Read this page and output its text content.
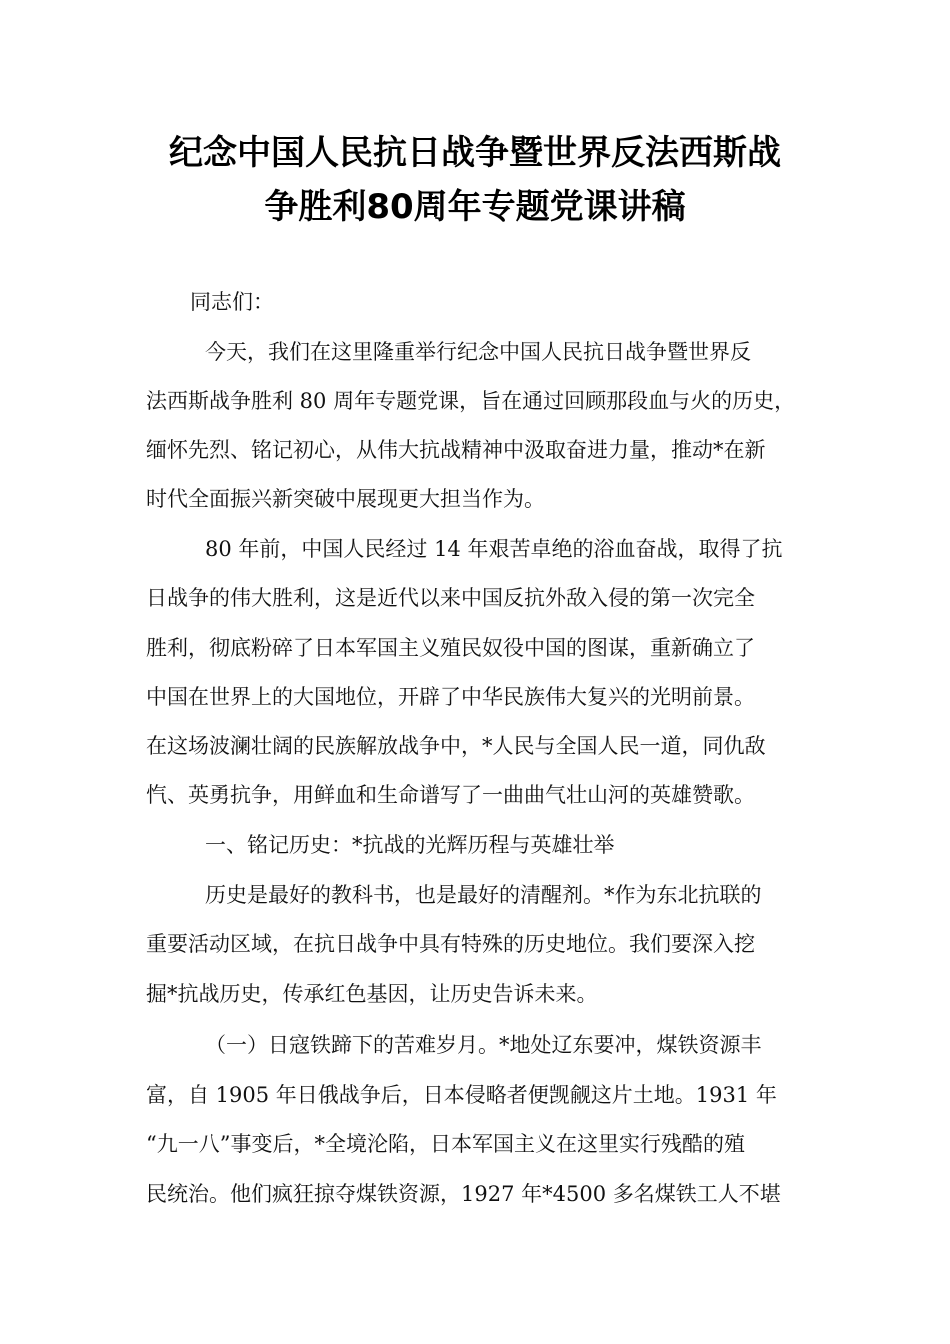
纪念中国人民抗日战争暨世界反法西斯战
争胜利80周年专题党课讲稿
同志们：
今天，我们在这里隆重举行纪念中国人民抗日战争暨世界反
法西斯战争胜利 80 周年专题党课，旨在通过回顾那段血与火的历史，
缅怀先烈、铭记初心，从伟大抗战精神中汲取奋进力量，推动*在新
时代全面振兴新突破中展现更大担当作为。
80 年前，中国人民经过 14 年艰苦卓绝的浴血奋战，取得了抗
日战争的伟大胜利，这是近代以来中国反抗外敌入侵的第一次完全
胜利，彻底粉碎了日本军国主义殖民奴役中国的图谋，重新确立了
中国在世界上的大国地位，开辟了中华民族伟大复兴的光明前景。
在这场波澜壮阔的民族解放战争中，*人民与全国人民一道，同仇敌
忾、英勇抗争，用鲜血和生命谱写了一曲曲气壮山河的英雄赞歌。
一、铭记历史：*抗战的光辉历程与英雄壮举
历史是最好的教科书，也是最好的清醒剂。*作为东北抗联的
重要活动区域，在抗日战争中具有特殊的历史地位。我们要深入挖
掘*抗战历史，传承红色基因，让历史告诉未来。
（一）日寇铁蹄下的苦难岁月。*地处辽东要冲，煤铁资源丰
富，自 1905 年日俄战争后，日本侵略者便觊觎这片土地。1931 年
“九一八”事变后，*全境沦陷，日本军国主义在这里实行残酷的殖
民统治。他们疯狂掠夺煤铁资源，1927 年*4500 多名煤铁工人不堪
